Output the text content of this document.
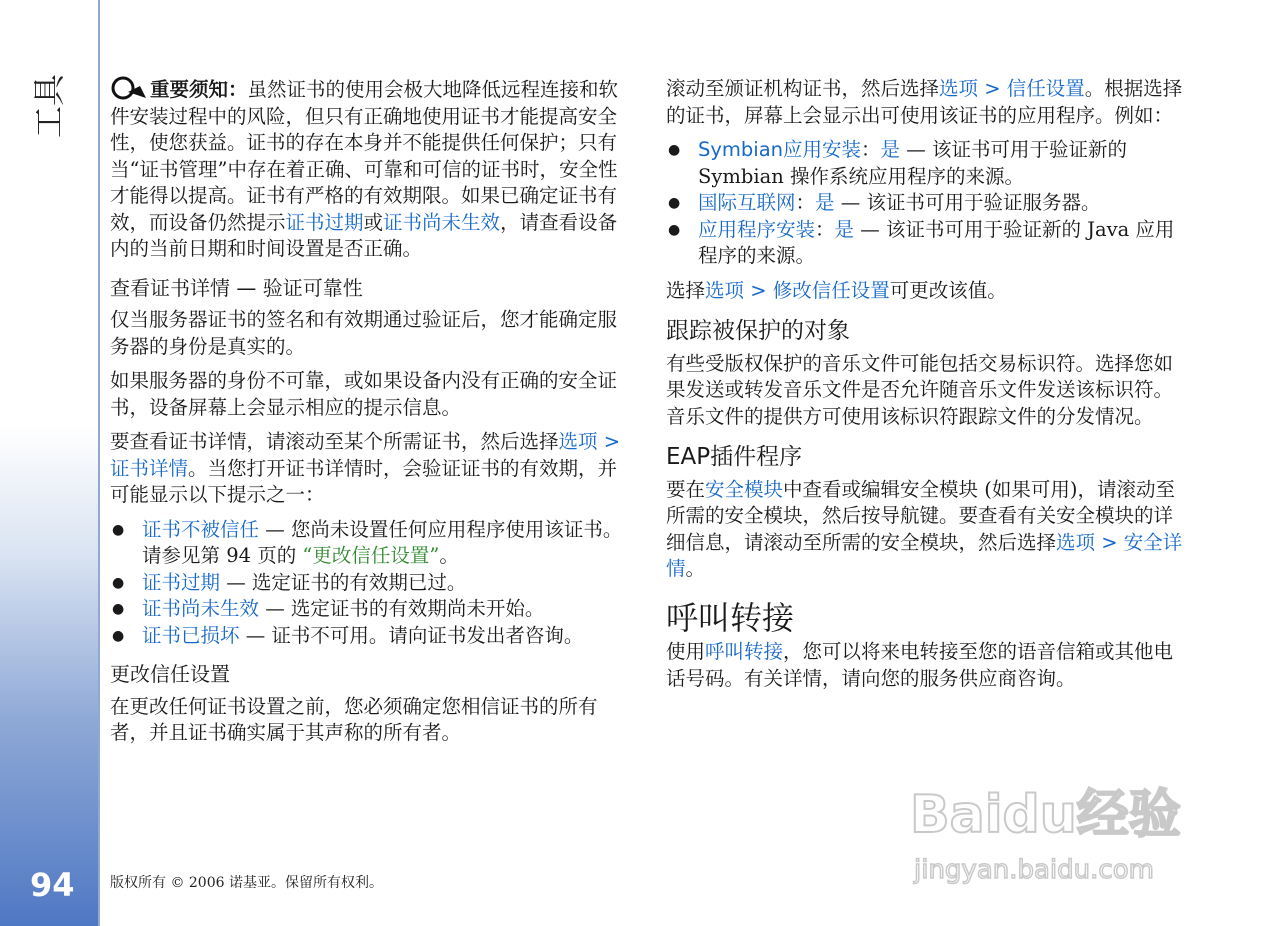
工具
94	版权所有 © 2006 诺基亚。保留所有权利。

重要须知：虽然证书的使用会极大地降低远程连接和软件安装过程中的风险，但只有正确地使用证书才能提高安全性，使您获益。证书的存在本身并不能提供任何保护；只有当“证书管理”中存在着正确、可靠和可信的证书时，安全性才能得以提高。证书有严格的有效期限。如果已确定证书有效，而设备仍然提示证书过期或证书尚未生效，请查看设备内的当前日期和时间设置是否正确。

查看证书详情 — 验证可靠性

仅当服务器证书的签名和有效期通过验证后，您才能确定服务器的身份是真实的。

如果服务器的身份不可靠，或如果设备内没有正确的安全证书，设备屏幕上会显示相应的提示信息。

要查看证书详情，请滚动至某个所需证书，然后选择选项 > 证书详情。当您打开证书详情时，会验证证书的有效期，并可能显示以下提示之一：

● 证书不被信任 — 您尚未设置任何应用程序使用该证书。请参见第 94 页的 “更改信任设置”。
● 证书过期 — 选定证书的有效期已过。
● 证书尚未生效 — 选定证书的有效期尚未开始。
● 证书已损坏 — 证书不可用。请向证书发出者咨询。
更改信任设置

在更改任何证书设置之前，您必须确定您相信证书的所有者，并且证书确实属于其声称的所有者。

滚动至颁证机构证书，然后选择选项 > 信任设置。根据选择的证书，屏幕上会显示出可使用该证书的应用程序。例如：

● Symbian应用安装：是 — 该证书可用于验证新的 Symbian 操作系统应用程序的来源。
● 国际互联网：是 — 该证书可用于验证服务器。
● 应用程序安装：是 — 该证书可用于验证新的 Java 应用程序的来源。

选择选项 > 修改信任设置可更改该值。

跟踪被保护的对象

有些受版权保护的音乐文件可能包括交易标识符。选择您如果发送或转发音乐文件是否允许随音乐文件发送该标识符。音乐文件的提供方可使用该标识符跟踪文件的分发情况。

EAP插件程序

要在安全模块中查看或编辑安全模块 (如果可用)，请滚动至所需的安全模块，然后按导航键。要查看有关安全模块的详细信息，请滚动至所需的安全模块，然后选择选项 > 安全详情。

呼叫转接

使用呼叫转接，您可以将来电转接至您的语音信箱或其他电话号码。有关详情，请向您的服务供应商咨询。

Baidu经验
jingyan.baidu.com
